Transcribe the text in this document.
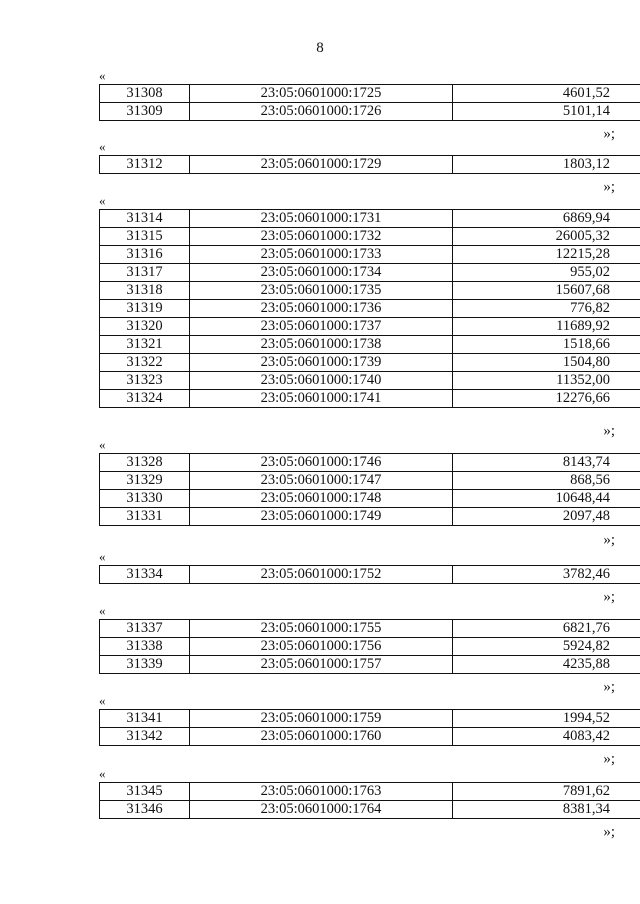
8
«
31308	23:05:0601000:1725	4601,52
31309	23:05:0601000:1726	5101,14
»;
«
31312	23:05:0601000:1729	1803,12
»;
«
31314	23:05:0601000:1731	6869,94
31315	23:05:0601000:1732	26005,32
31316	23:05:0601000:1733	12215,28
31317	23:05:0601000:1734	955,02
31318	23:05:0601000:1735	15607,68
31319	23:05:0601000:1736	776,82
31320	23:05:0601000:1737	11689,92
31321	23:05:0601000:1738	1518,66
31322	23:05:0601000:1739	1504,80
31323	23:05:0601000:1740	11352,00
31324	23:05:0601000:1741	12276,66
»;
«
31328	23:05:0601000:1746	8143,74
31329	23:05:0601000:1747	868,56
31330	23:05:0601000:1748	10648,44
31331	23:05:0601000:1749	2097,48
»;
«
31334	23:05:0601000:1752	3782,46
»;
«
31337	23:05:0601000:1755	6821,76
31338	23:05:0601000:1756	5924,82
31339	23:05:0601000:1757	4235,88
»;
«
31341	23:05:0601000:1759	1994,52
31342	23:05:0601000:1760	4083,42
»;
«
31345	23:05:0601000:1763	7891,62
31346	23:05:0601000:1764	8381,34
»;
